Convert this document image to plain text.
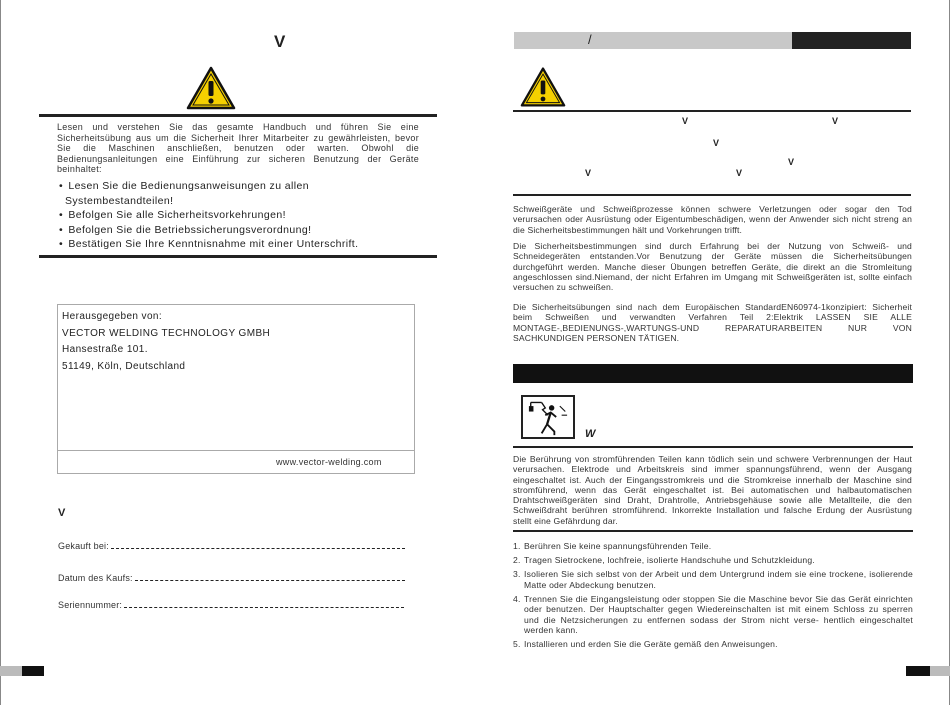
V
Lesen und verstehen Sie das gesamte Handbuch und führen Sie eine Sicherheitsübung aus um die Sicherheit Ihrer Mitarbeiter zu gewährleisten, bevor Sie die Maschinen anschließen, benutzen oder warten. Obwohl die Bedienungsanleitungen eine Einführung zur sicheren Benutzung der Geräte beinhaltet:
• Lesen Sie die Bedienungsanweisungen zu allen
Systembestandteilen!
• Befolgen Sie alle Sicherheitsvorkehrungen!
• Befolgen Sie die Betriebssicherungsverordnung!
• Bestätigen Sie Ihre Kenntnisnahme mit einer Unterschrift.
Herausgegeben von:
VECTOR WELDING TECHNOLOGY GMBH
Hansestraße 101.
51149, Köln, Deutschland
www.vector-welding.com
V
Gekauft bei:
Datum des Kaufs:
Seriennummer:
/
V	V
V
V
V	V
Schweißgeräte und Schweißprozesse können schwere Verletzungen oder sogar den Tod verursachen oder Ausrüstung oder Eigentumbeschädigen, wenn der Anwender sich nicht streng an die Sicherheitsbestimmungen hält und Vorkehrungen trifft.
Die Sicherheitsbestimmungen sind durch Erfahrung bei der Nutzung von Schweiß- und Schneidegeräten entstanden.Vor Benutzung der Geräte müssen die Sicherheitsübungen durchgeführt werden. Manche dieser Übungen betreffen Geräte, die direkt an die Stromleitung angeschlossen sind.Niemand, der nicht Erfahren im Umgang mit Schweißgeräten ist, sollte einfach versuchen zu schweißen.
Die Sicherheitsübungen sind nach dem Europäischen StandardEN60974-1konzipiert: Sicherheit beim Schweißen und verwandten Verfahren Teil 2:Elektrik LASSEN SIE ALLE MONTAGE-,BEDIENUNGS-,WARTUNGS-UND REPARATURARBEITEN NUR VON SACHKUNDIGEN PERSONEN TÄTIGEN.
W
Die Berührung von stromführenden Teilen kann tödlich sein und schwere Verbrennungen der Haut verursachen. Elektrode und Arbeitskreis sind immer spannungsführend, wenn der Ausgang eingeschaltet ist. Auch der Eingangsstromkreis und die Stromkreise innerhalb der Maschine sind stromführend, wenn das Gerät eingeschaltet ist. Bei automatischen und halbautomatischen Drahtschweißgeräten sind Draht, Drahtrolle, Antriebsgehäuse sowie alle Metallteile, die den Schweißdraht berühren stromführend. Inkorrekte Installation und falsche Erdung der Ausrüstung stellt eine Gefährdung dar.
1. Berühren Sie keine spannungsführenden Teile.
2. Tragen Sietrockene, lochfreie, isolierte Handschuhe und Schutzkleidung.
3. Isolieren Sie sich selbst von der Arbeit und dem Untergrund indem sie eine trockene, isolierende Matte oder Abdeckung benutzen.
4. Trennen Sie die Eingangsleistung oder stoppen Sie die Maschine bevor Sie das Gerät einrichten oder benutzen. Der Hauptschalter gegen Wiedereinschalten ist mit einem Schloss zu sperren und die Netzsicherungen zu entfernen sodass der Strom nicht verse- hentlich eingeschaltet werden kann.
5. Installieren und erden Sie die Geräte gemäß den Anweisungen.
